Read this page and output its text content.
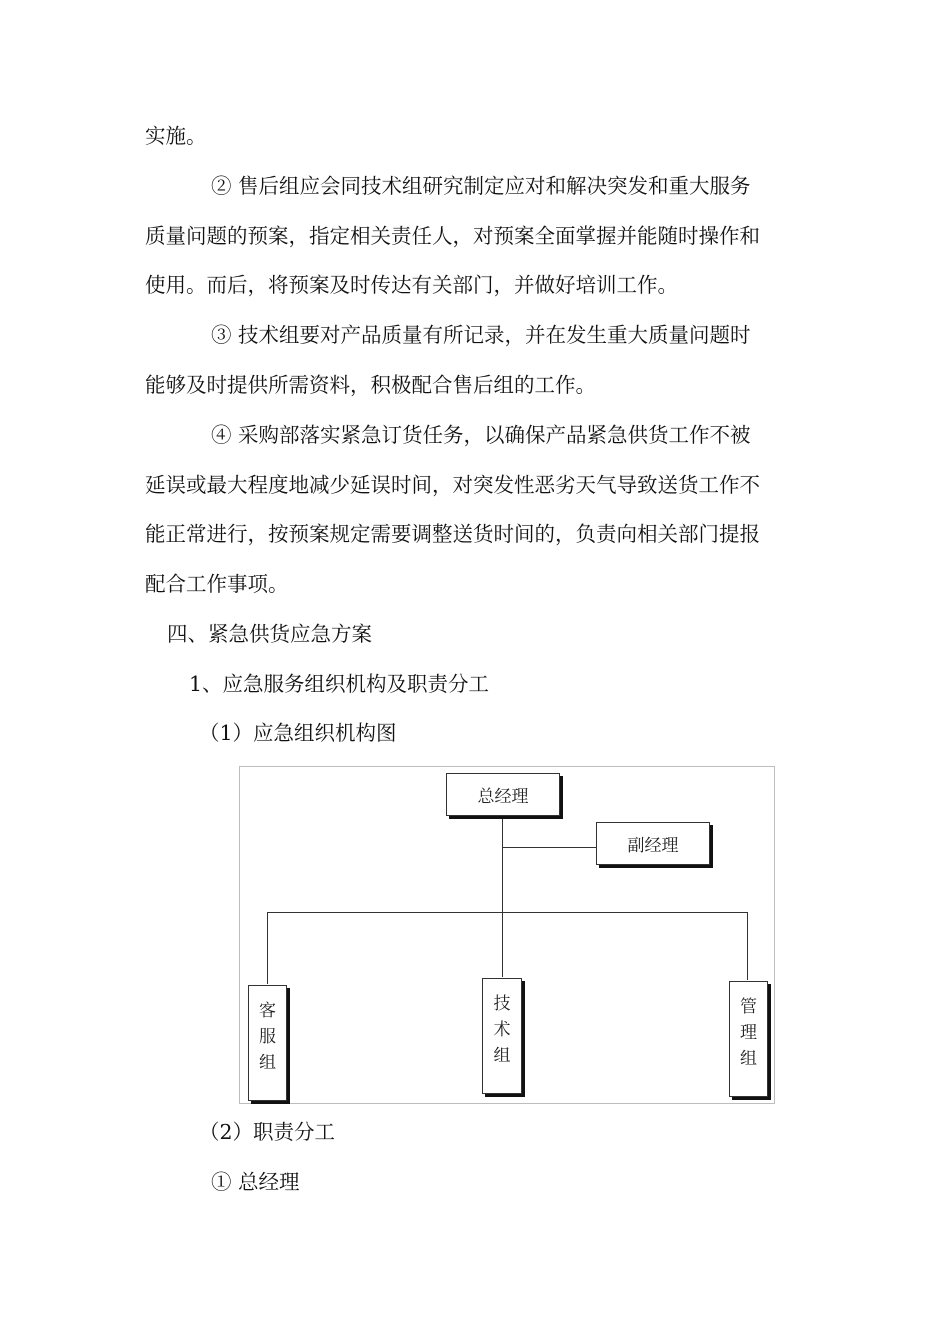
实施。
② 售后组应会同技术组研究制定应对和解决突发和重大服务
质量问题的预案，指定相关责任人，对预案全面掌握并能随时操作和
使用。而后，将预案及时传达有关部门，并做好培训工作。
③ 技术组要对产品质量有所记录，并在发生重大质量问题时
能够及时提供所需资料，积极配合售后组的工作。
④ 采购部落实紧急订货任务，以确保产品紧急供货工作不被
延误或最大程度地减少延误时间，对突发性恶劣天气导致送货工作不
能正常进行，按预案规定需要调整送货时间的，负责向相关部门提报
配合工作事项。
四、紧急供货应急方案
1、应急服务组织机构及职责分工
（1）应急组织机构图
总经理
副经理
客
服
组
技
术
组
管
理
组
（2）职责分工
① 总经理
